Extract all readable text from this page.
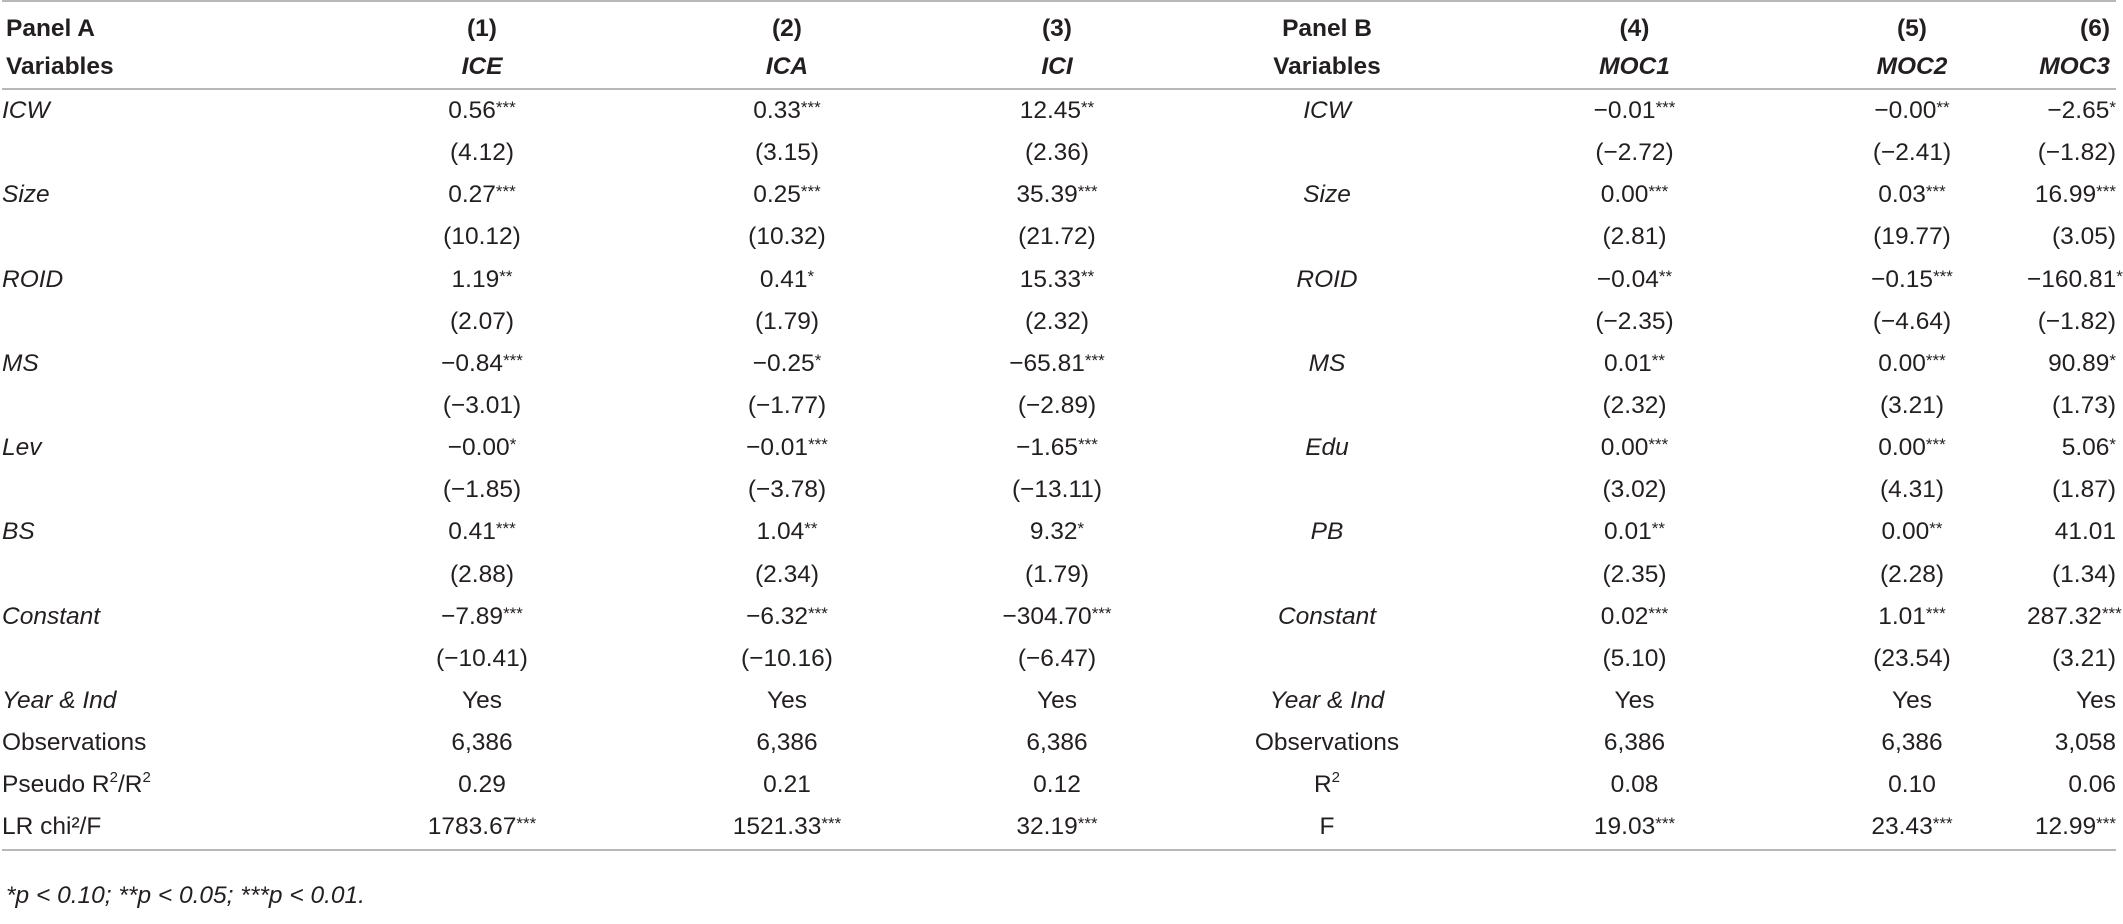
Panel A	(1)	(2)	(3)	Panel B	(4)	(5)	(6)
Variables	ICE	ICA	ICI	Variables	MOC1	MOC2	MOC3
ICW	0.56***	0.33***	12.45**	ICW	−0.01***	−0.00**	−2.65*
	(4.12)	(3.15)	(2.36)		(−2.72)	(−2.41)	(−1.82)
Size	0.27***	0.25***	35.39***	Size	0.00***	0.03***	16.99***
	(10.12)	(10.32)	(21.72)		(2.81)	(19.77)	(3.05)
ROID	1.19**	0.41*	15.33**	ROID	−0.04**	−0.15***	−160.81*
	(2.07)	(1.79)	(2.32)		(−2.35)	(−4.64)	(−1.82)
MS	−0.84***	−0.25*	−65.81***	MS	0.01**	0.00***	90.89*
	(−3.01)	(−1.77)	(−2.89)		(2.32)	(3.21)	(1.73)
Lev	−0.00*	−0.01***	−1.65***	Edu	0.00***	0.00***	5.06*
	(−1.85)	(−3.78)	(−13.11)		(3.02)	(4.31)	(1.87)
BS	0.41***	1.04**	9.32*	PB	0.01**	0.00**	41.01
	(2.88)	(2.34)	(1.79)		(2.35)	(2.28)	(1.34)
Constant	−7.89***	−6.32***	−304.70***	Constant	0.02***	1.01***	287.32***
	(−10.41)	(−10.16)	(−6.47)		(5.10)	(23.54)	(3.21)
Year & Ind	Yes	Yes	Yes	Year & Ind	Yes	Yes	Yes
Observations	6,386	6,386	6,386	Observations	6,386	6,386	3,058
Pseudo $R^2/R^2$	0.29	0.21	0.12	$R^2$	0.08	0.10	0.06
LR chi²/F	1783.67***	1521.33***	32.19***	F	19.03***	23.43***	12.99***
*p < 0.10; **p < 0.05; ***p < 0.01.
